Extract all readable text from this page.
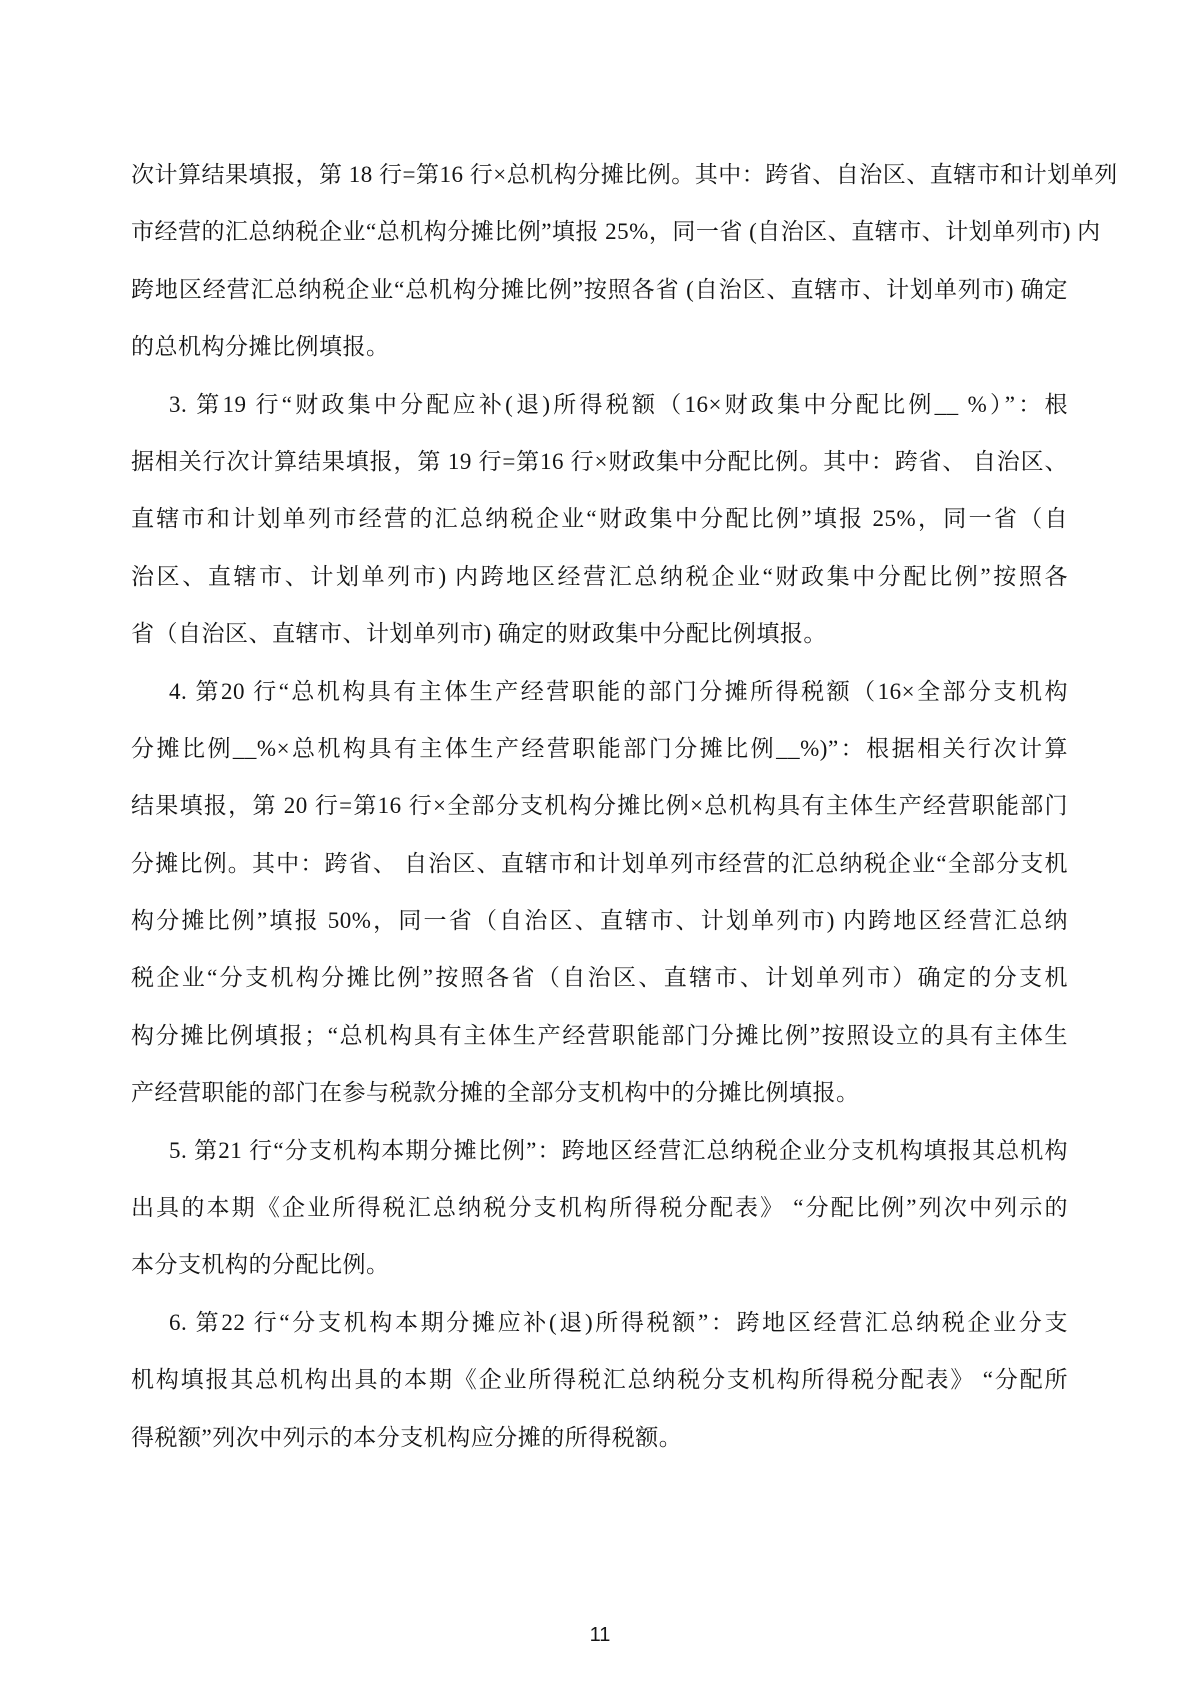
次计算结果填报，第 18 行=第16 行×总机构分摊比例。其中：跨省、自治区、直辖市和计划单列
市经营的汇总纳税企业“总机构分摊比例”填报 25%，同一省 (自治区、直辖市、计划单列市) 内
跨地区经营汇总纳税企业“总机构分摊比例”按照各省 (自治区、直辖市、计划单列市) 确定
的总机构分摊比例填报。
3. 第19 行“财政集中分配应补(退)所得税额（16×财政集中分配比例__ %）”：根
据相关行次计算结果填报，第 19 行=第16 行×财政集中分配比例。其中：跨省、 自治区、
直辖市和计划单列市经营的汇总纳税企业“财政集中分配比例”填报 25%，同一省（自
治区、直辖市、计划单列市) 内跨地区经营汇总纳税企业“财政集中分配比例”按照各
省（自治区、直辖市、计划单列市) 确定的财政集中分配比例填报。
4. 第20 行“总机构具有主体生产经营职能的部门分摊所得税额（16×全部分支机构
分摊比例__%×总机构具有主体生产经营职能部门分摊比例__%)”：根据相关行次计算
结果填报，第 20 行=第16 行×全部分支机构分摊比例×总机构具有主体生产经营职能部门
分摊比例。其中：跨省、 自治区、直辖市和计划单列市经营的汇总纳税企业“全部分支机
构分摊比例”填报 50%，同一省（自治区、直辖市、计划单列市) 内跨地区经营汇总纳
税企业“分支机构分摊比例”按照各省（自治区、直辖市、计划单列市）确定的分支机
构分摊比例填报；“总机构具有主体生产经营职能部门分摊比例”按照设立的具有主体生
产经营职能的部门在参与税款分摊的全部分支机构中的分摊比例填报。
5. 第21 行“分支机构本期分摊比例”：跨地区经营汇总纳税企业分支机构填报其总机构
出具的本期《企业所得税汇总纳税分支机构所得税分配表》 “分配比例”列次中列示的
本分支机构的分配比例。
6. 第22 行“分支机构本期分摊应补(退)所得税额”：跨地区经营汇总纳税企业分支
机构填报其总机构出具的本期《企业所得税汇总纳税分支机构所得税分配表》 “分配所
得税额”列次中列示的本分支机构应分摊的所得税额。
11
